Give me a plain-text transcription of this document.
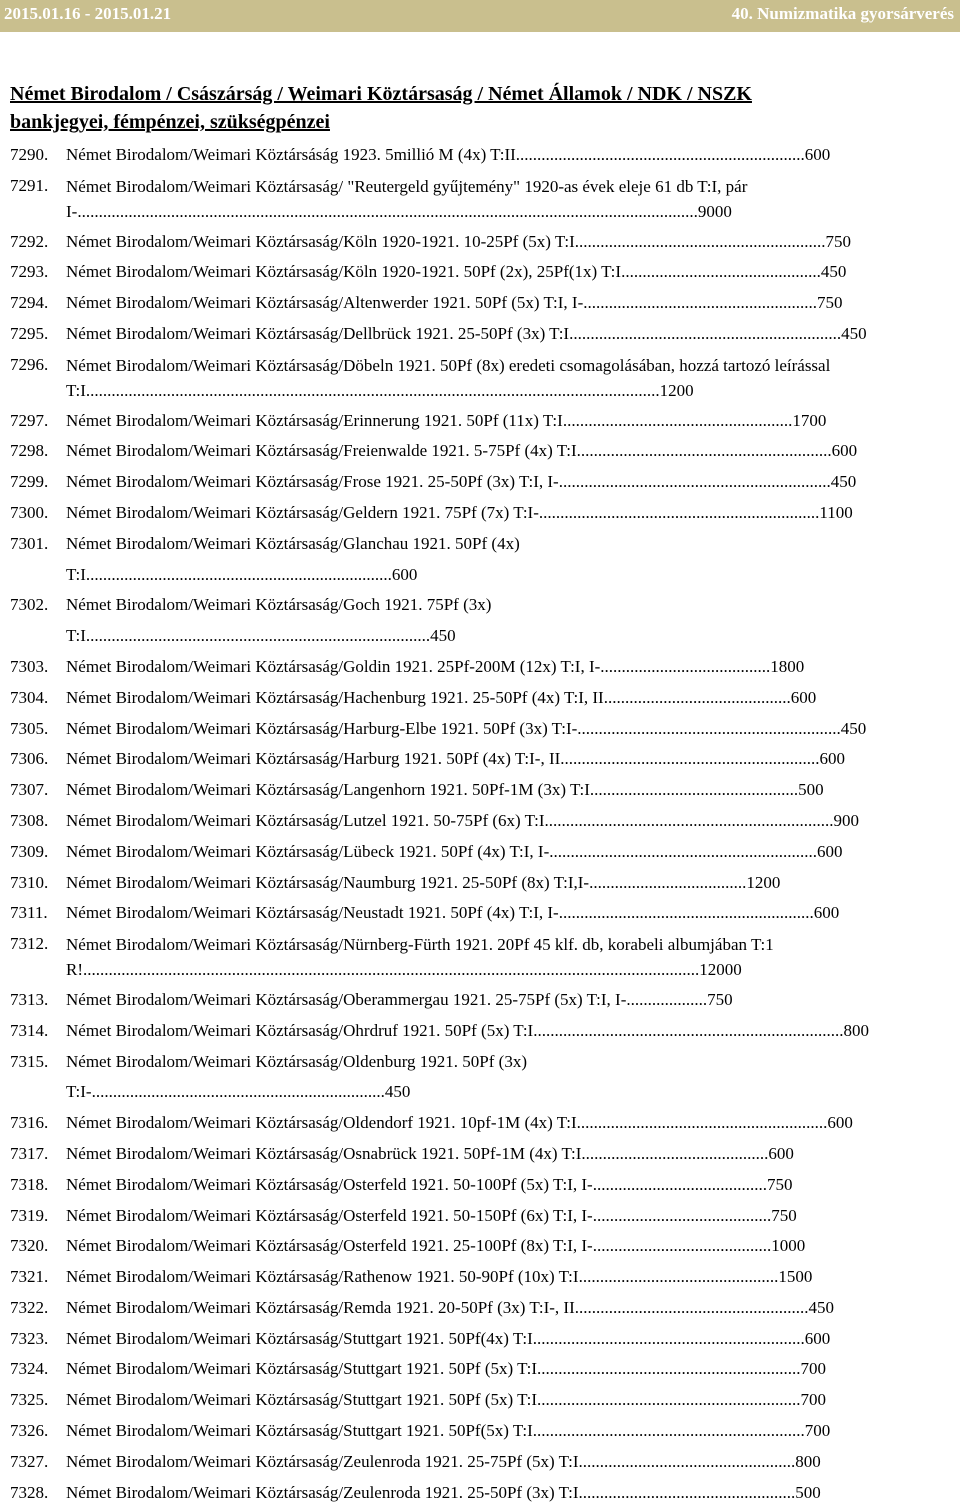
2015.01.16 - 2015.01.21	40. Numizmatika gyorsárverés
Német Birodalom / Császárság / Weimari Köztársaság / Német Államok / NDK / NSZK
bankjegyei, fémpénzei, szükségpénzei
7290.	Német Birodalom/Weimari Köztársáság 1923. 5millió M (4x) T:II....................................................................600
7291.	Német Birodalom/Weimari Köztársaság/ "Reutergeld gyűjtemény" 1920-as évek eleje 61 db T:I, pár I-..................................................................................................................................................9000
7292.	Német Birodalom/Weimari Köztársaság/Köln 1920-1921. 10-25Pf (5x) T:I...........................................................750
7293.	Német Birodalom/Weimari Köztársaság/Köln 1920-1921. 50Pf (2x), 25Pf(1x) T:I...............................................450
7294.	Német Birodalom/Weimari Köztársaság/Altenwerder 1921. 50Pf (5x) T:I, I-.......................................................750
7295.	Német Birodalom/Weimari Köztársaság/Dellbrück 1921. 25-50Pf (3x) T:I................................................................450
7296.	Német Birodalom/Weimari Köztársaság/Döbeln 1921. 50Pf (8x) eredeti csomagolásában, hozzá tartozó leírással T:I.......................................................................................................................................1200
7297.	Német Birodalom/Weimari Köztársaság/Erinnerung 1921. 50Pf (11x) T:I......................................................1700
7298.	Német Birodalom/Weimari Köztársaság/Freienwalde 1921. 5-75Pf (4x) T:I............................................................600
7299.	Német Birodalom/Weimari Köztársaság/Frose 1921. 25-50Pf (3x) T:I, I-................................................................450
7300.	Német Birodalom/Weimari Köztársaság/Geldern 1921. 75Pf (7x) T:I-..................................................................1100
7301.	Német Birodalom/Weimari Köztársaság/Glanchau 1921. 50Pf (4x) T:I........................................................................600
7302.	Német Birodalom/Weimari Köztársaság/Goch 1921. 75Pf (3x) T:I.................................................................................450
7303.	Német Birodalom/Weimari Köztársaság/Goldin 1921. 25Pf-200M (12x) T:I, I-........................................1800
7304.	Német Birodalom/Weimari Köztársaság/Hachenburg 1921. 25-50Pf (4x) T:I, II............................................600
7305.	Német Birodalom/Weimari Köztársaság/Harburg-Elbe 1921. 50Pf (3x) T:I-..............................................................450
7306.	Német Birodalom/Weimari Köztársaság/Harburg 1921. 50Pf (4x) T:I-, II.............................................................600
7307.	Német Birodalom/Weimari Köztársaság/Langenhorn 1921. 50Pf-1M (3x) T:I.................................................500
7308.	Német Birodalom/Weimari Köztársaság/Lutzel 1921. 50-75Pf (6x) T:I....................................................................900
7309.	Német Birodalom/Weimari Köztársaság/Lübeck 1921. 50Pf (4x) T:I, I-...............................................................600
7310.	Német Birodalom/Weimari Köztársaság/Naumburg 1921. 25-50Pf (8x) T:I,I-.....................................1200
7311.	Német Birodalom/Weimari Köztársaság/Neustadt 1921. 50Pf (4x) T:I, I-............................................................600
7312.	Német Birodalom/Weimari Köztársaság/Nürnberg-Fürth 1921. 20Pf 45 klf. db, korabeli albumjában T:1 R!.................................................................................................................................................12000
7313.	Német Birodalom/Weimari Köztársaság/Oberammergau 1921. 25-75Pf (5x) T:I, I-...................750
7314.	Német Birodalom/Weimari Köztársaság/Ohrdruf 1921. 50Pf (5x) T:I.........................................................................800
7315.	Német Birodalom/Weimari Köztársaság/Oldenburg 1921. 50Pf (3x) T:I-.....................................................................450
7316.	Német Birodalom/Weimari Köztársaság/Oldendorf 1921. 10pf-1M (4x) T:I...........................................................600
7317.	Német Birodalom/Weimari Köztársaság/Osnabrück 1921. 50Pf-1M (4x) T:I............................................600
7318.	Német Birodalom/Weimari Köztársaság/Osterfeld 1921. 50-100Pf (5x) T:I, I-.........................................750
7319.	Német Birodalom/Weimari Köztársaság/Osterfeld 1921. 50-150Pf (6x) T:I, I-..........................................750
7320.	Német Birodalom/Weimari Köztársaság/Osterfeld 1921. 25-100Pf (8x) T:I, I-..........................................1000
7321.	Német Birodalom/Weimari Köztársaság/Rathenow 1921. 50-90Pf (10x) T:I...............................................1500
7322.	Német Birodalom/Weimari Köztársaság/Remda 1921. 20-50Pf (3x) T:I-, II.......................................................450
7323.	Német Birodalom/Weimari Köztársaság/Stuttgart 1921. 50Pf(4x) T:I................................................................600
7324.	Német Birodalom/Weimari Köztársaság/Stuttgart 1921. 50Pf (5x) T:I..............................................................700
7325.	Német Birodalom/Weimari Köztársaság/Stuttgart 1921. 50Pf (5x) T:I..............................................................700
7326.	Német Birodalom/Weimari Köztársaság/Stuttgart 1921. 50Pf(5x) T:I................................................................700
7327.	Német Birodalom/Weimari Köztársaság/Zeulenroda 1921. 25-75Pf (5x) T:I...................................................800
7328.	Német Birodalom/Weimari Köztársaság/Zeulenroda 1921. 25-50Pf (3x) T:I...................................................500
